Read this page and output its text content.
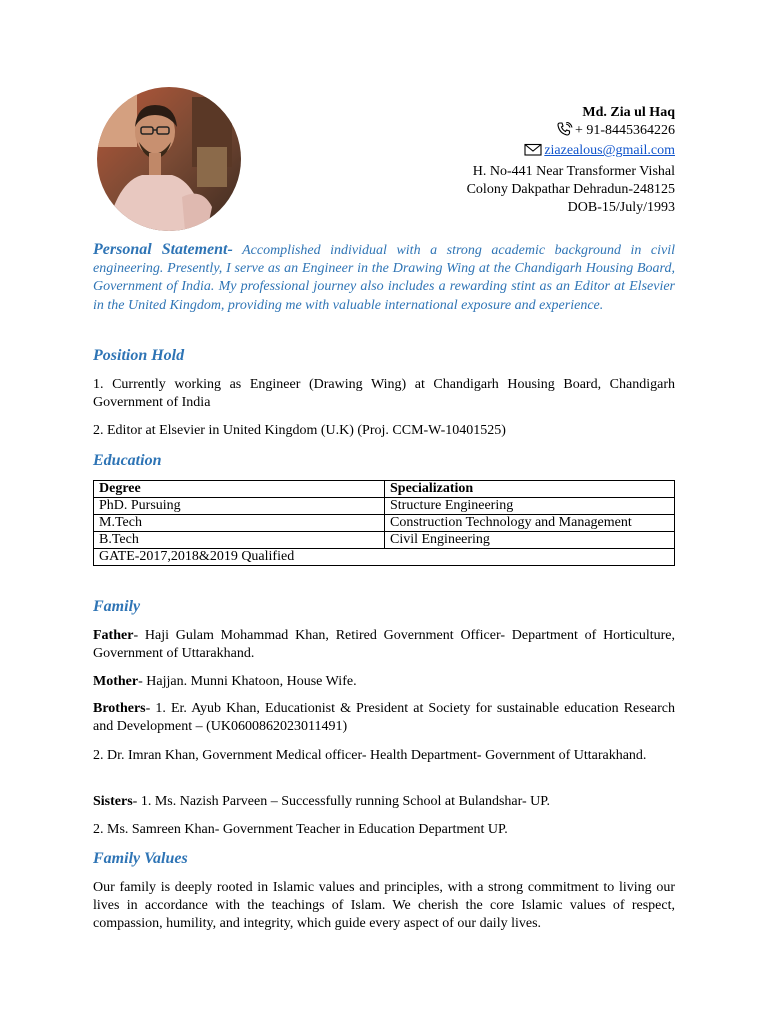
Md. Zia ul Haq
+ 91-8445364226
ziazealous@gmail.com
H. No-441 Near Transformer Vishal
Colony Dakpathar Dehradun-248125
DOB-15/July/1993
Personal Statement- Accomplished individual with a strong academic background in civil engineering. Presently, I serve as an Engineer in the Drawing Wing at the Chandigarh Housing Board, Government of India. My professional journey also includes a rewarding stint as an Editor at Elsevier in the United Kingdom, providing me with valuable international exposure and experience.
Position Hold
1. Currently working as Engineer (Drawing Wing) at Chandigarh Housing Board, Chandigarh Government of India
2. Editor at Elsevier in United Kingdom (U.K) (Proj. CCM-W-10401525)
Education
Degree	Specialization
PhD. Pursuing	Structure Engineering
M.Tech	Construction Technology and Management
B.Tech	Civil Engineering
GATE-2017,2018&2019 Qualified	
Family
Father- Haji Gulam Mohammad Khan, Retired Government Officer- Department of Horticulture, Government of Uttarakhand.
Mother- Hajjan. Munni Khatoon, House Wife.
Brothers- 1. Er. Ayub Khan, Educationist & President at Society for sustainable education Research and Development – (UK0600862023011491)
2. Dr. Imran Khan, Government Medical officer- Health Department- Government of Uttarakhand.
Sisters- 1. Ms. Nazish Parveen – Successfully running School at Bulandshar- UP.
2. Ms. Samreen Khan- Government Teacher in Education Department UP.
Family Values
Our family is deeply rooted in Islamic values and principles, with a strong commitment to living our lives in accordance with the teachings of Islam. We cherish the core Islamic values of respect, compassion, humility, and integrity, which guide every aspect of our daily lives.
